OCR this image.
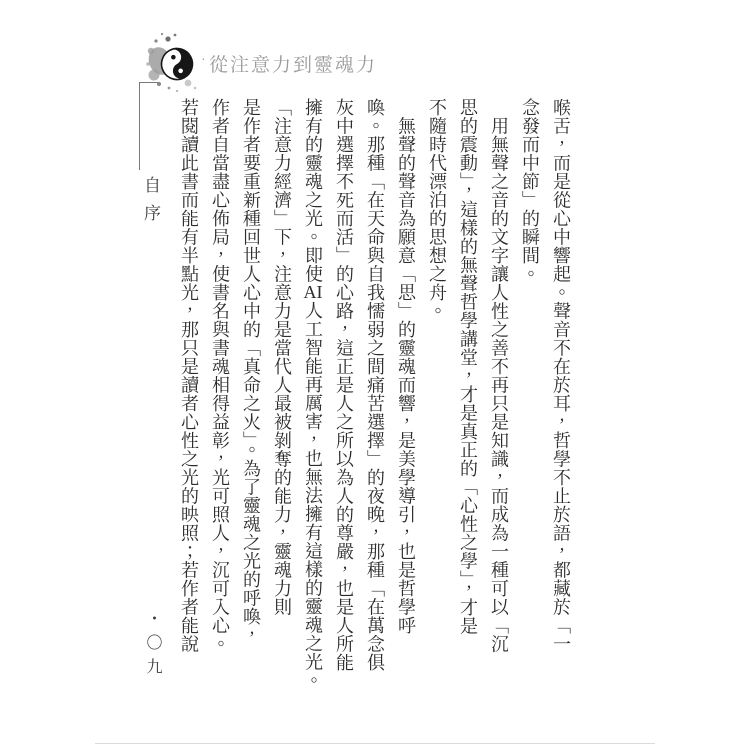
· 從注意力到靈魂力
自序	喉舌，而是從心中響起。聲音不在於耳，哲學不止於語，都藏於「一

念發而中節」的瞬間。

　用無聲之音的文字讓人性之善不再只是知識，而成為一種可以「沉

思的震動」，這樣的無聲哲學講堂，才是真正的「心性之學」，才是

不隨時代漂泊的思想之舟。

　無聲的聲音為願意「思」的靈魂而響，是美學導引，也是哲學呼

喚。那種「在天命與自我懦弱之間痛苦選擇」的夜晚，那種「在萬念俱

灰中選擇不死而活」的心路，這正是人之所以為人的尊嚴，也是人所能

擁有的靈魂之光。即使AI人工智能再厲害，也無法擁有這樣的靈魂之光。

「注意力經濟」下，注意力是當代人最被剝奪的能力，靈魂力則

是作者要重新種回世人心中的「真命之火」。為了靈魂之光的呼喚，

作者自當盡心佈局，使書名與書魂相得益彰，光可照人，沉可入心。

若閱讀此書而能有半點光，那只是讀者心性之光的映照；若作者能說

・〇九
